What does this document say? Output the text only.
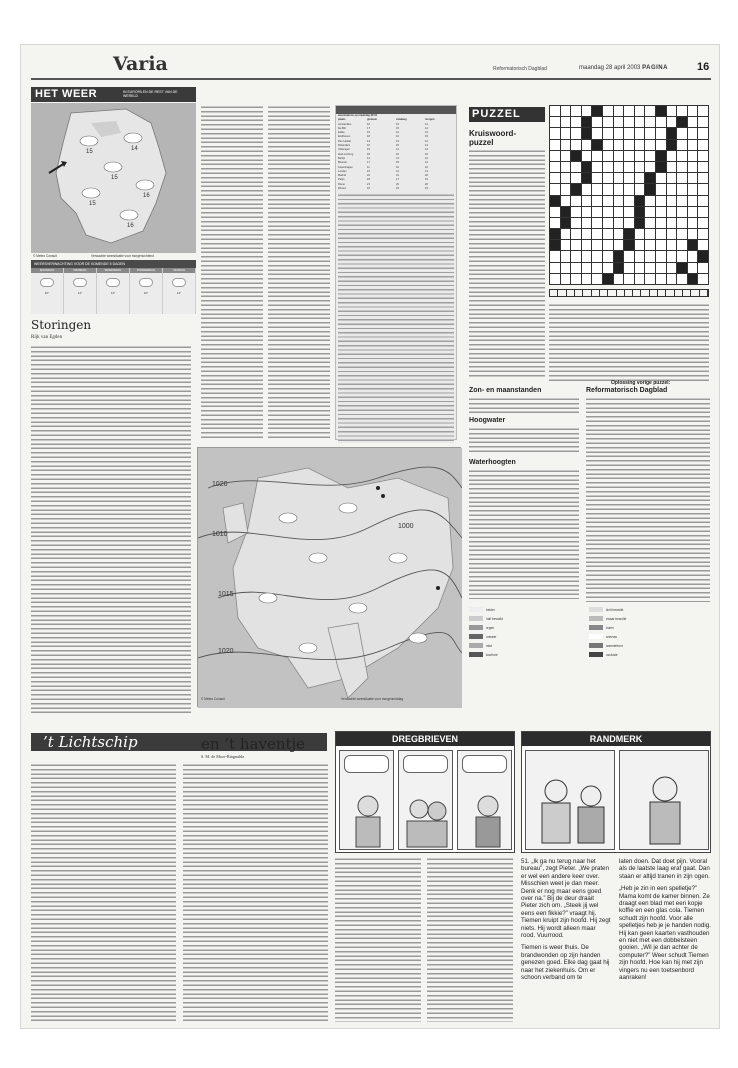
Varia	Reformatorisch Dagblad	maandag 28 april 2003 PAGINA	16
HET WEER	IN EUROPA EN DE REST VAN DE WERELD
15	14
15
16
15
16
© Meteo Consult	Verwachte weersituatie voor morgenochtend
WEERSVERWACHTING VOOR DE KOMENDE 5 DAGEN
MAANDAG
15°
DINSDAG
14°
WOENSDAG
13°
DONDERDAG
16°
VRIJDAG
14°
Storingen
Rijk van Egden
weerstations op maandag 28 04
plaats	gisteren	vandaag	morgen
Amsterdam	16	15	14
De Bilt	17	15	14
Eelde	15	14	13
Eindhoven	18	16	15
Den Helder	13	13	12
Rotterdam	16	15	14
Vlissingen	15	14	14
Zuid-Limburg	18	16	15
Berlijn	14	13	12
Brussel	17	15	14
Kopenhagen	11	10	10
Londen	15	14	13
Madrid	22	21	20
Parijs	18	17	16
Rome	21	20	20
Wenen	16	16	15
PUZZEL
Kruiswoord-puzzel
Oplossing vorige puzzel:
Zon- en maanstanden
Hoogwater
Waterhoogten
Reformatorisch Dagblad
1020
1010
1015
1020
1000
© Meteo Consult	Verwachte weersituatie voor morgenmiddag
helder	licht bewolkt
half bewolkt	zwaar bewolkt
regen	buien
onweer	sneeuw
mist	warmtefront
koufront	occlusie
’t Lichtschip	en ’t haventje
S. M. de Moor-Ringnalda
DREGBRIEVEN	RANDMERK
51. „Ik ga nu terug naar het bureau”, zegt Pieter. „We praten er wel een andere keer over. Misschien weet je dan meer. Denk er nog maar eens goed over na.” Bij de deur draait Pieter zich om. „Steek jij wel eens een fikkie?” vraagt hij. Tiemen kruipt zijn hoofd. Hij zegt niets. Hij wordt alleen maar rood. Vuurrood.
Tiemen is weer thuis. De brandwonden op zijn handen genezen goed. Elke dag gaat hij naar het ziekenhuis. Om er schoon verband om te
laten doen. Dat doet pijn. Vooral als de laatste laag eraf gaat. Dan staan er altijd tranen in zijn ogen.
„Heb je zin in een spelletje?” Mama komt de kamer binnen. Ze draagt een blad met een kopje koffie en een glas cola. Tiemen schudt zijn hoofd. Voor alle spelletjes heb je je handen nodig. Hij kan geen kaarten vasthouden en niet met een dobbelsteen gooien. „Wil je dan achter de computer?” Weer schudt Tiemen zijn hoofd. Hoe kan hij met zijn vingers nu een toetsenbord aanraken!
